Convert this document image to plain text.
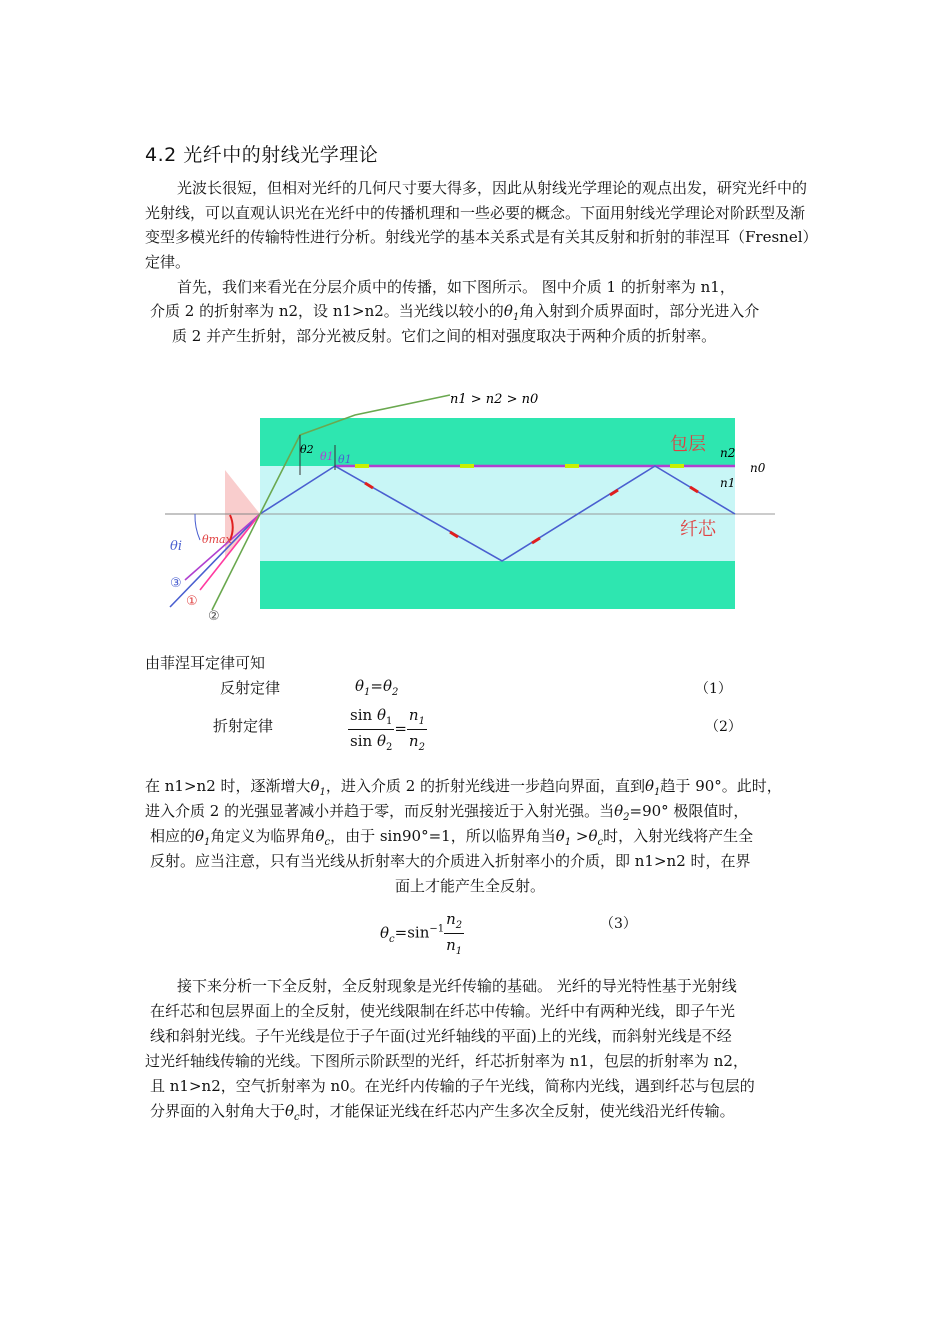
4.2 光纤中的射线光学理论

光波长很短，但相对光纤的几何尺寸要大得多，因此从射线光学理论的观点出发，研究光纤中的光射线，可以直观认识光在光纤中的传播机理和一些必要的概念。下面用射线光学理论对阶跃型及渐变型多模光纤的传输特性进行分析。射线光学的基本关系式是有关其反射和折射的菲涅耳（Fresnel）定律。

首先，我们来看光在分层介质中的传播，如下图所示。 图中介质 1 的折射率为 n1，
介质 2 的折射率为 n2，设 n1>n2。当光线以较小的$\theta_1$角入射到介质界面时，部分光进入介
质 2 并产生折射，部分光被反射。它们之间的相对强度取决于两种介质的折射率。
n1 > n2 > n0
包层 n2
n0
n1
纤芯
θi θmax
θ2
θ1 θ1
③
①
②
由菲涅耳定律可知
反射定律	$\theta_1=\theta_2$	（1）
折射定律	$\frac{\sin \theta_1}{\sin \theta_2} = \frac{n_1}{n_2}$	（2）
在 n1>n2 时，逐渐增大$\theta_1$，进入介质 2 的折射光线进一步趋向界面，直到$\theta_1$趋于 90°。此时，
进入介质 2 的光强显著减小并趋于零，而反射光强接近于入射光强。当$\theta_2=90^\circ$ 极限值时，
相应的$\theta_1$角定义为临界角$\theta_c$，由于 sin90°=1，所以临界角当$\theta_1 >\theta_c$时，入射光线将产生全
反射。应当注意，只有当光线从折射率大的介质进入折射率小的介质，即 n1>n2 时，在界
面上才能产生全反射。
$\theta_c=\sin^{-1} \frac{n_2}{n_1}$	（3）
接下来分析一下全反射，全反射现象是光纤传输的基础。 光纤的导光特性基于光射线
在纤芯和包层界面上的全反射，使光线限制在纤芯中传输。光纤中有两种光线，即子午光
线和斜射光线。子午光线是位于子午面(过光纤轴线的平面)上的光线，而斜射光线是不经
过光纤轴线传输的光线。下图所示阶跃型的光纤，纤芯折射率为 n1，包层的折射率为 n2，
且 n1>n2，空气折射率为 n0。在光纤内传输的子午光线，简称内光线，遇到纤芯与包层的
分界面的入射角大于$\theta_c$时，才能保证光线在纤芯内产生多次全反射，使光线沿光纤传输。
